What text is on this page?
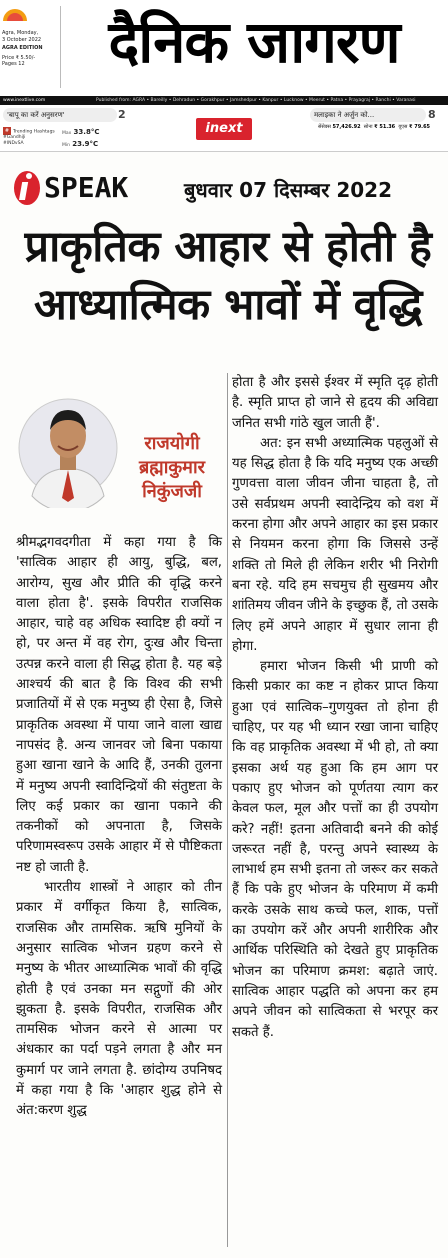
Agra, Monday,
3 October 2022
AGRA EDITION
Price ₹ 5.50/-
Pages 12	दैनिक जागरण
www.inextlive.com	Published from: AGRA • Bareilly • Dehradun • Gorakhpur • Jamshedpur • Kanpur • Lucknow • Meerut • Patna • Prayagraj • Ranchi • Varanasi
'बापू का करें अनुसरण'	2	मलाइका ने अर्जुन को...	8
# Trending Hashtags
#GandhiJi
#INDvSA
Max 33.8°C
Min 23.9°C
सेंसेक्स 57,426.92 सोना ₹ 51.36 यूएस ₹ 79.65
inext
SPEAK	बुधवार 07 दिसम्बर 2022
प्राकृतिक आहार से होती है
आध्यात्मिक भावों में वृद्धि
राजयोगी
ब्रह्माकुमार
निकुंजजी

श्रीमद्भगवदगीता में कहा गया है कि 'सात्विक आहार ही आयु, बुद्धि, बल, आरोग्य, सुख और प्रीति की वृद्धि करने वाला होता है'. इसके विपरीत राजसिक आहार, चाहे वह अधिक स्वादिष्ट ही क्यों न हो, पर अन्त में वह रोग, दुःख और चिन्ता उत्पन्न करने वाला ही सिद्ध होता है. यह बड़े आश्चर्य की बात है कि विश्व की सभी प्रजातियों में से एक मनुष्य ही ऐसा है, जिसे प्राकृतिक अवस्था में पाया जाने वाला खाद्य नापसंद है. अन्य जानवर जो बिना पकाया हुआ खाना खाने के आदि हैं, उनकी तुलना में मनुष्य अपनी स्वादिन्द्रियों की संतुष्टता के लिए कई प्रकार का खाना पकाने की तकनीकों को अपनाता है, जिसके परिणामस्वरूप उसके आहार में से पौष्टिकता नष्ट हो जाती है.

भारतीय शास्त्रों ने आहार को तीन प्रकार में वर्गीकृत किया है, सात्विक, राजसिक और तामसिक. ऋषि मुनियों के अनुसार सात्विक भोजन ग्रहण करने से मनुष्य के भीतर आध्यात्मिक भावों की वृद्धि होती है एवं उनका मन सद्गुणों की ओर झुकता है. इसके विपरीत, राजसिक और तामसिक भोजन करने से आत्मा पर अंधकार का पर्दा पड़ने लगता है और मन कुमार्ग पर जाने लगता है. छांदोग्य उपनिषद में कहा गया है कि 'आहार शुद्ध होने से अंत:करण शुद्ध

होता है और इससे ईश्वर में स्मृति दृढ़ होती है. स्मृति प्राप्त हो जाने से हृदय की अविद्या जनित सभी गांठे खुल जाती हैं'.

अत: इन सभी अध्यात्मिक पहलुओं से यह सिद्ध होता है कि यदि मनुष्य एक अच्छी गुणवत्ता वाला जीवन जीना चाहता है, तो उसे सर्वप्रथम अपनी स्वादेन्द्रिय को वश में करना होगा और अपने आहार का इस प्रकार से नियमन करना होगा कि जिससे उन्हें शक्ति तो मिले ही लेकिन शरीर भी निरोगी बना रहे. यदि हम सचमुच ही सुखमय और शांतिमय जीवन जीने के इच्छुक हैं, तो उसके लिए हमें अपने आहार में सुधार लाना ही होगा.

हमारा भोजन किसी भी प्राणी को किसी प्रकार का कष्ट न होकर प्राप्त किया हुआ एवं सात्विक–गुणयुक्त तो होना ही चाहिए, पर यह भी ध्यान रखा जाना चाहिए कि वह प्राकृतिक अवस्था में भी हो, तो क्या इसका अर्थ यह हुआ कि हम आग पर पकाए हुए भोजन को पूर्णतया त्याग कर केवल फल, मूल और पत्तों का ही उपयोग करे? नहीं! इतना अतिवादी बनने की कोई जरूरत नहीं है, परन्तु अपने स्वास्थ्य के लाभार्थ हम सभी इतना तो जरूर कर सकते हैं कि पके हुए भोजन के परिमाण में कमी करके उसके साथ कच्चे फल, शाक, पत्तों का उपयोग करें और अपनी शारीरिक और आर्थिक परिस्थिति को देखते हुए प्राकृतिक भोजन का परिमाण क्रमश: बढ़ाते जाएं. सात्विक आहार पद्धति को अपना कर हम अपने जीवन को सात्विकता से भरपूर कर सकते हैं.
